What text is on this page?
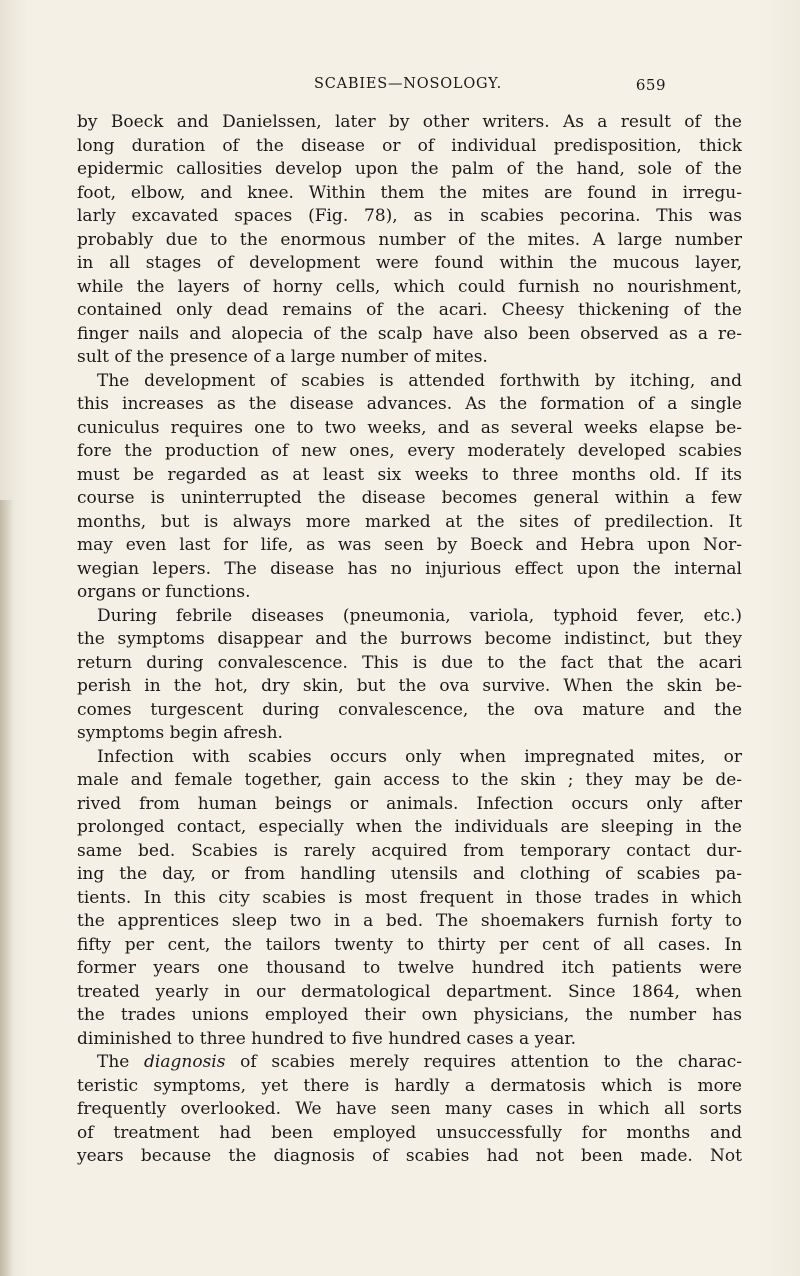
SCABIES—NOSOLOGY.	659
by Boeck and Danielssen, later by other writers. As a result of the
long duration of the disease or of individual predisposition, thick
epidermic callosities develop upon the palm of the hand, sole of the
foot, elbow, and knee. Within them the mites are found in irregu-
larly excavated spaces (Fig. 78), as in scabies pecorina. This was
probably due to the enormous number of the mites. A large number
in all stages of development were found within the mucous layer,
while the layers of horny cells, which could furnish no nourishment,
contained only dead remains of the acari. Cheesy thickening of the
finger nails and alopecia of the scalp have also been observed as a re-
sult of the presence of a large number of mites.
The development of scabies is attended forthwith by itching, and
this increases as the disease advances. As the formation of a single
cuniculus requires one to two weeks, and as several weeks elapse be-
fore the production of new ones, every moderately developed scabies
must be regarded as at least six weeks to three months old. If its
course is uninterrupted the disease becomes general within a few
months, but is always more marked at the sites of predilection. It
may even last for life, as was seen by Boeck and Hebra upon Nor-
wegian lepers. The disease has no injurious effect upon the internal
organs or functions.
During febrile diseases (pneumonia, variola, typhoid fever, etc.)
the symptoms disappear and the burrows become indistinct, but they
return during convalescence. This is due to the fact that the acari
perish in the hot, dry skin, but the ova survive. When the skin be-
comes turgescent during convalescence, the ova mature and the
symptoms begin afresh.
Infection with scabies occurs only when impregnated mites, or
male and female together, gain access to the skin ; they may be de-
rived from human beings or animals. Infection occurs only after
prolonged contact, especially when the individuals are sleeping in the
same bed. Scabies is rarely acquired from temporary contact dur-
ing the day, or from handling utensils and clothing of scabies pa-
tients. In this city scabies is most frequent in those trades in which
the apprentices sleep two in a bed. The shoemakers furnish forty to
fifty per cent, the tailors twenty to thirty per cent of all cases. In
former years one thousand to twelve hundred itch patients were
treated yearly in our dermatological department. Since 1864, when
the trades unions employed their own physicians, the number has
diminished to three hundred to five hundred cases a year.
The diagnosis of scabies merely requires attention to the charac-
teristic symptoms, yet there is hardly a dermatosis which is more
frequently overlooked. We have seen many cases in which all sorts
of treatment had been employed unsuccessfully for months and
years because the diagnosis of scabies had not been made. Not
